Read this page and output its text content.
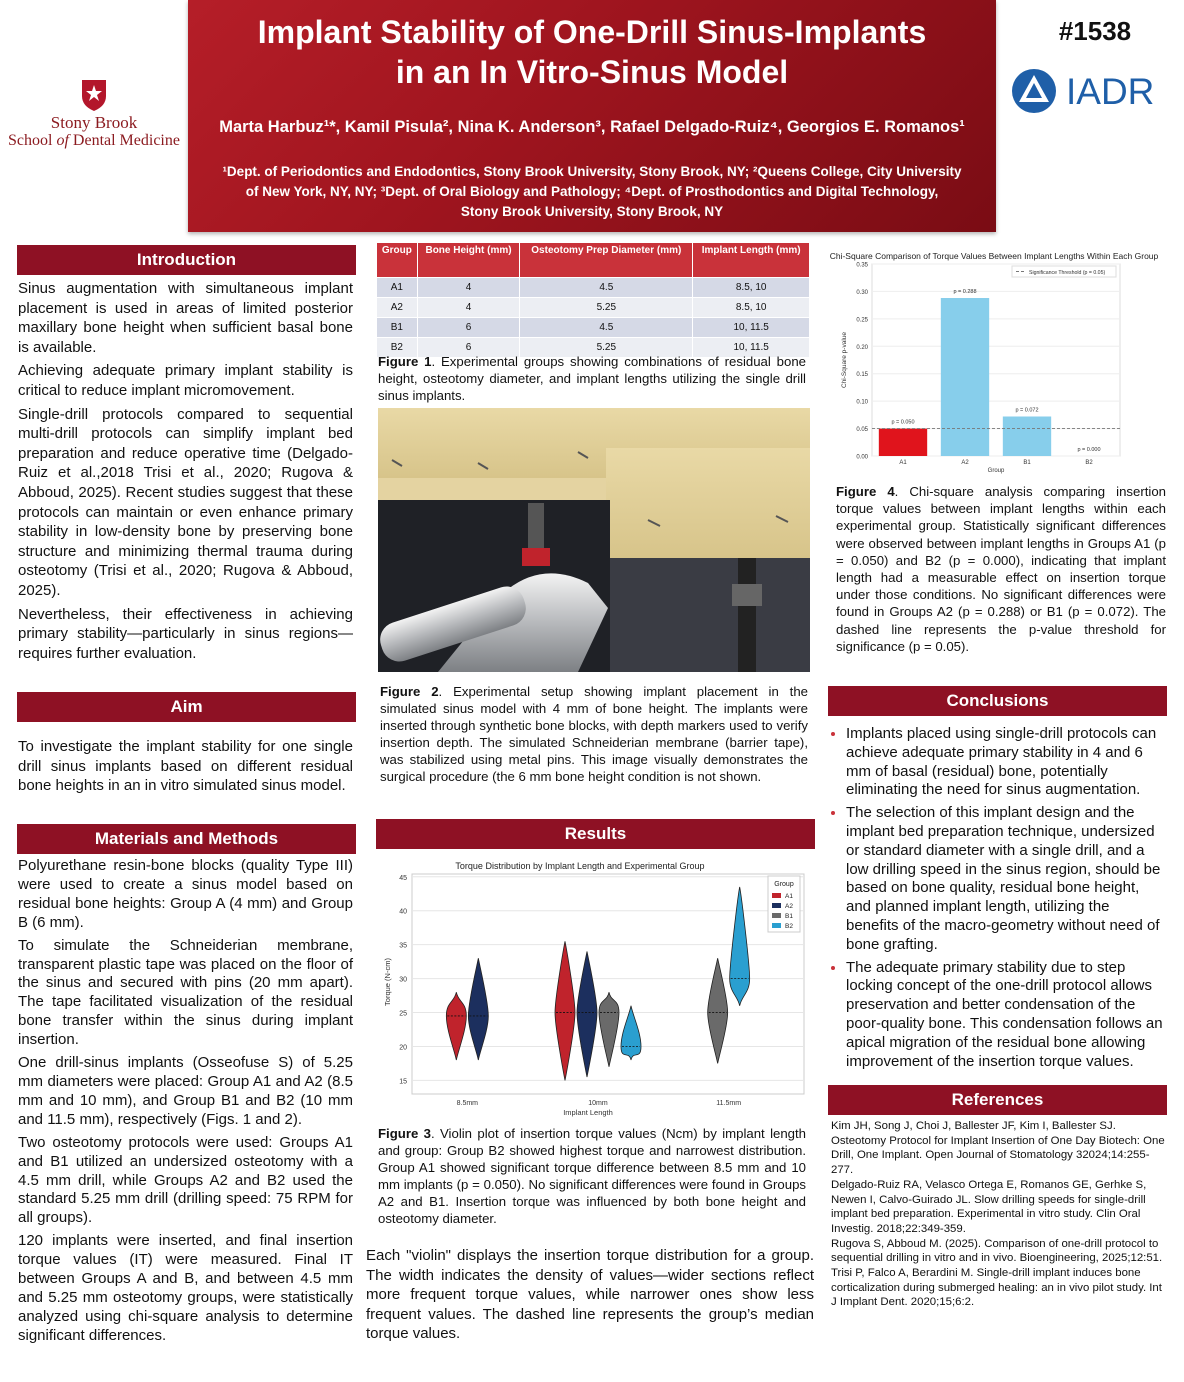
Stony Brook
School of Dental Medicine
Implant Stability of One-Drill Sinus-Implants
in an In Vitro-Sinus Model
Marta Harbuz¹*, Kamil Pisula², Nina K. Anderson³, Rafael Delgado-Ruiz⁴, Georgios E. Romanos¹
¹Dept. of Periodontics and Endodontics, Stony Brook University, Stony Brook, NY; ²Queens College, City University
of New York, NY, NY; ³Dept. of Oral Biology and Pathology; ⁴Dept. of Prosthodontics and Digital Technology,
Stony Brook University, Stony Brook, NY
#1538
IADR
Introduction

Sinus augmentation with simultaneous implant placement is used in areas of limited posterior maxillary bone height when sufficient basal bone is available.

Achieving adequate primary implant stability is critical to reduce implant micromovement.

Single-drill protocols compared to sequential multi-drill protocols can simplify implant bed preparation and reduce operative time (Delgado-Ruiz et al.,2018 Trisi et al., 2020; Rugova & Abboud, 2025). Recent studies suggest that these protocols can maintain or even enhance primary stability in low-density bone by preserving bone structure and minimizing thermal trauma during osteotomy (Trisi et al., 2020; Rugova & Abboud, 2025).

Nevertheless, their effectiveness in achieving primary stability—particularly in sinus regions—requires further evaluation.

Aim
To investigate the implant stability for one single drill sinus implants based on different residual bone heights in an in vitro simulated sinus model.
Materials and Methods

Polyurethane resin-bone blocks (quality Type III) were used to create a sinus model based on residual bone heights: Group A (4 mm) and Group B (6 mm).

To simulate the Schneiderian membrane, transparent plastic tape was placed on the floor of the sinus and secured with pins (20 mm apart). The tape facilitated visualization of the residual bone transfer within the sinus during implant insertion.

One drill-sinus implants (Osseofuse S) of 5.25 mm diameters were placed: Group A1 and A2 (8.5 mm and 10 mm), and Group B1 and B2 (10 mm and 11.5 mm), respectively (Figs. 1 and 2).

Two osteotomy protocols were used: Groups A1 and B1 utilized an undersized osteotomy with a 4.5 mm drill, while Groups A2 and B2 used the standard 5.25 mm drill (drilling speed: 75 RPM for all groups).

120 implants were inserted, and final insertion torque values (IT) were measured. Final IT between Groups A and B, and between 4.5 mm and 5.25 mm osteotomy groups, were statistically analyzed using chi-square analysis to determine significant differences.

Group	Bone Height (mm)	Osteotomy Prep Diameter (mm)	Implant Length (mm)
A1	4	4.5	8.5, 10
A2	4	5.25	8.5, 10
B1	6	4.5	10, 11.5
B2	6	5.25	10, 11.5
Figure 1. Experimental groups showing combinations of residual bone height, osteotomy diameter, and implant lengths utilizing the single drill sinus implants.
Figure 2. Experimental setup showing implant placement in the simulated sinus model with 4 mm of bone height. The implants were inserted through synthetic bone blocks, with depth markers used to verify insertion depth. The simulated Schneiderian membrane (barrier tape), was stabilized using metal pins. This image visually demonstrates the surgical procedure (the 6 mm bone height condition is not shown.
Results
Torque Distribution by Implant Length and Experimental Group
15
20
25
30
35
40
45
8.5mm	10mm	11.5mm
Implant Length
Torque (N-cm)
Group
A1
A2
B1
B2
Figure 3. Violin plot of insertion torque values (Ncm) by implant length and group: Group B2 showed highest torque and narrowest distribution. Group A1 showed significant torque difference between 8.5 mm and 10 mm implants (p = 0.050). No significant differences were found in Groups A2 and B1. Insertion torque was influenced by both bone height and osteotomy diameter.
Each "violin" displays the insertion torque distribution for a group. The width indicates the density of values—wider sections reflect more frequent torque values, while narrower ones show less frequent values. The dashed line represents the group’s median torque values.
Chi-Square Comparison of Torque Values Between Implant Lengths Within Each Group
0.00
0.05
0.10
0.15
0.20
0.25
0.30
0.35
p = 0.050
A1
p = 0.288
A2
p = 0.072
B1
p = 0.000
B2
Group
Chi-Square p-value
Significance Threshold (p = 0.05)
Figure 4. Chi-square analysis comparing insertion torque values between implant lengths within each experimental group. Statistically significant differences were observed between implant lengths in Groups A1 (p = 0.050) and B2 (p = 0.000), indicating that implant length had a measurable effect on insertion torque under those conditions. No significant differences were found in Groups A2 (p = 0.288) or B1 (p = 0.072). The dashed line represents the p-value threshold for significance (p = 0.05).
Conclusions
• Implants placed using single-drill protocols can achieve adequate primary stability in 4 and 6 mm of basal (residual) bone, potentially eliminating the need for sinus augmentation.
• The selection of this implant design and the implant bed preparation technique, undersized or standard diameter with a single drill, and a low drilling speed in the sinus region, should be based on bone quality, residual bone height, and planned implant length, utilizing the benefits of the macro-geometry without need of bone grafting.
• The adequate primary stability due to step locking concept of the one-drill protocol allows preservation and better condensation of the poor-quality bone. This condensation follows an apical migration of the residual bone allowing improvement of the insertion torque values.
References

Kim JH, Song J, Choi J, Ballester JF, Kim I, Ballester SJ. Osteotomy Protocol for Implant Insertion of One Day Biotech: One Drill, One Implant. Open Journal of Stomatology 32024;14:255-277.

Delgado-Ruiz RA, Velasco Ortega E, Romanos GE, Gerhke S, Newen I, Calvo-Guirado JL. Slow drilling speeds for single-drill implant bed preparation. Experimental in vitro study. Clin Oral Investig. 2018;22:349-359.

Rugova S, Abboud M. (2025). Comparison of one-drill protocol to sequential drilling in vitro and in vivo. Bioengineering, 2025;12:51.

Trisi P, Falco A, Berardini M. Single-drill implant induces bone corticalization during submerged healing: an in vivo pilot study. Int J Implant Dent. 2020;15;6:2.
